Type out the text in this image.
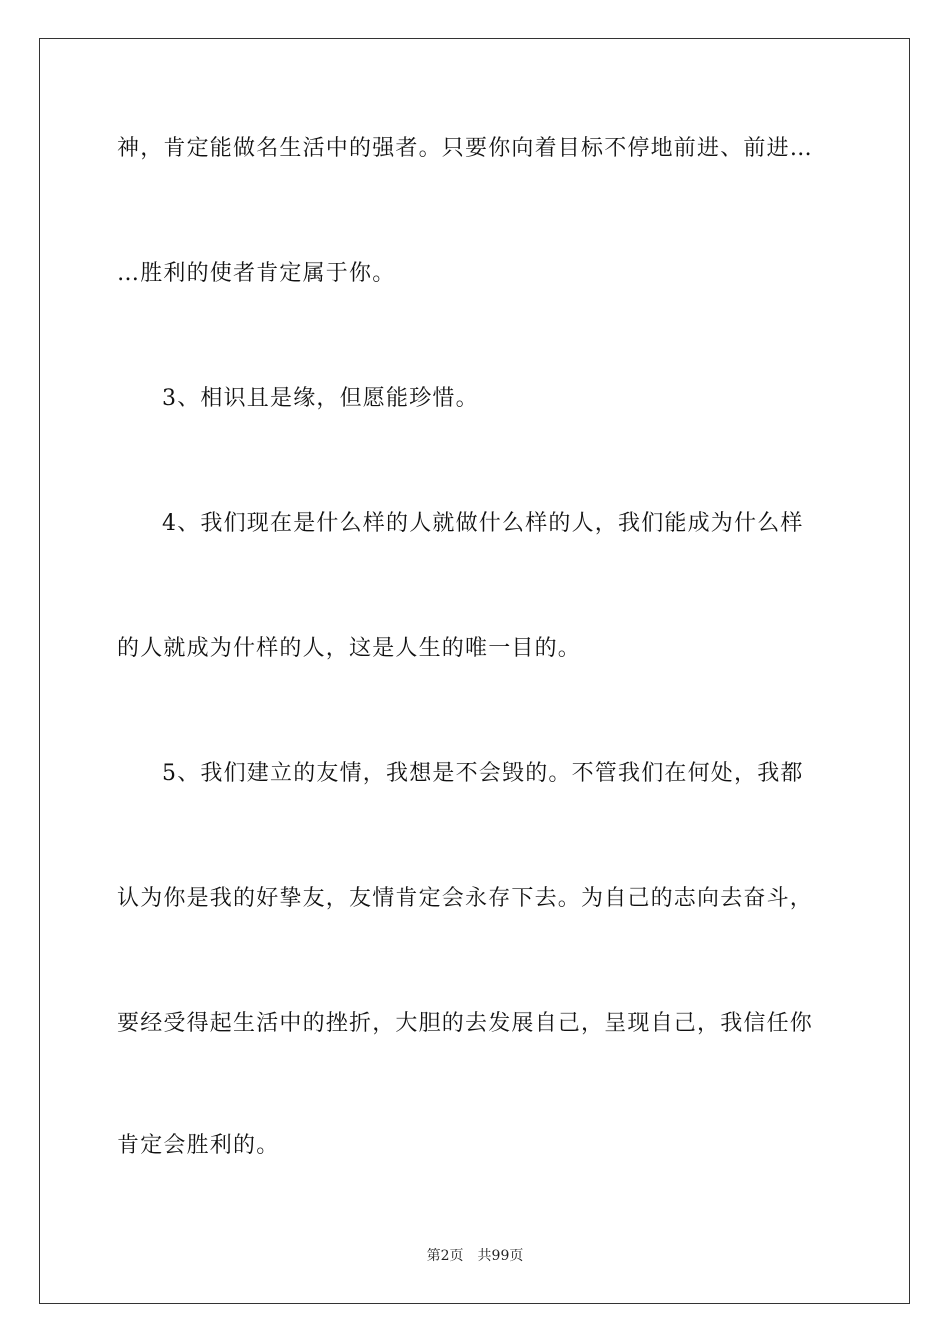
神，肯定能做名生活中的强者。只要你向着目标不停地前进、前进…
…胜利的使者肯定属于你。
3、相识且是缘，但愿能珍惜。
4、我们现在是什么样的人就做什么样的人，我们能成为什么样
的人就成为什样的人，这是人生的唯一目的。
5、我们建立的友情，我想是不会毁的。不管我们在何处，我都
认为你是我的好挚友，友情肯定会永存下去。为自己的志向去奋斗，
要经受得起生活中的挫折，大胆的去发展自己，呈现自己，我信任你
肯定会胜利的。
第2页 共99页
